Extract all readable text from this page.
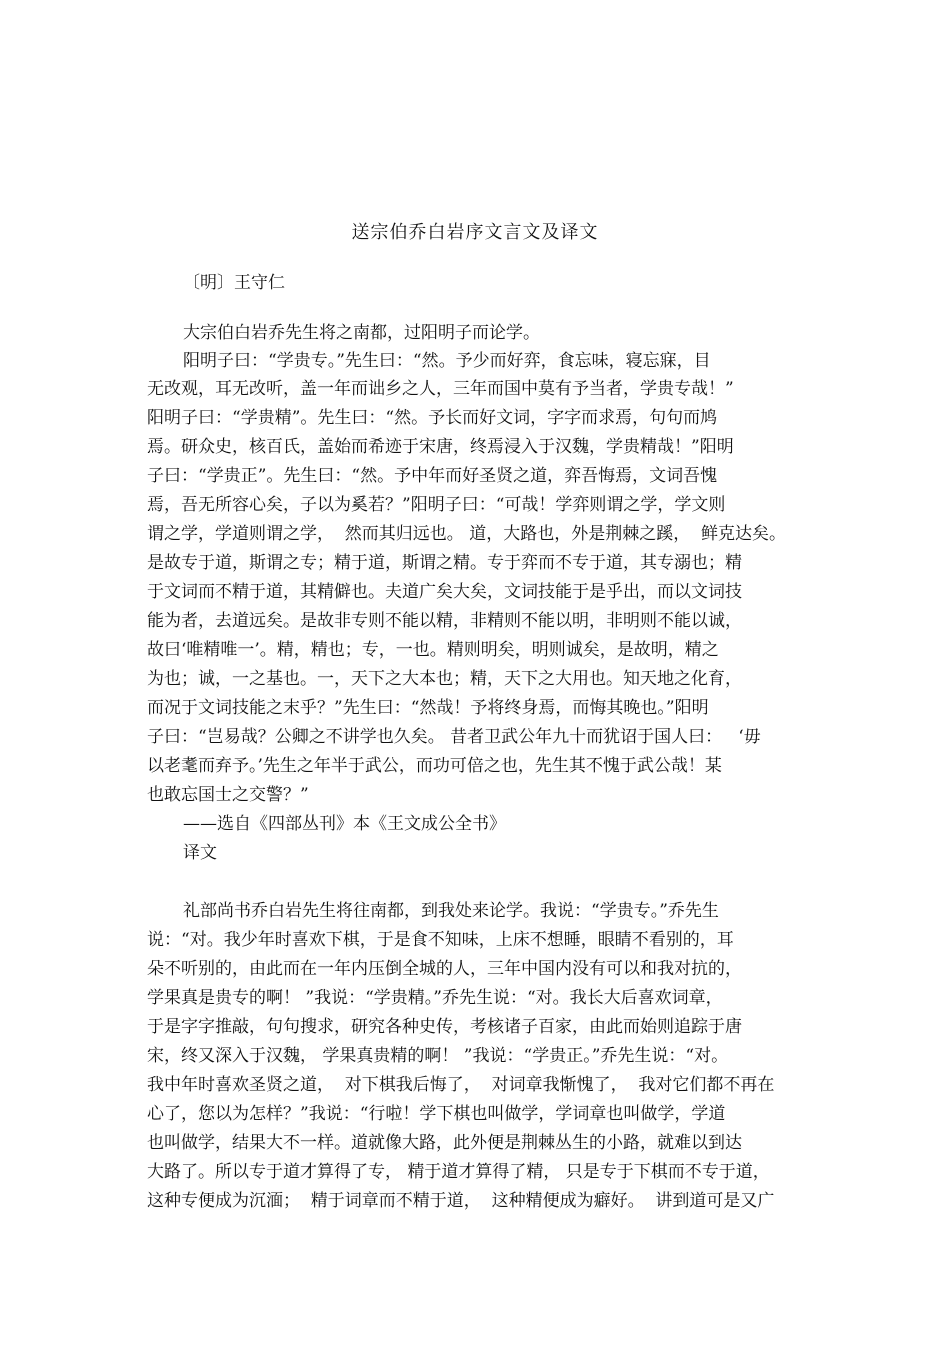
送宗伯乔白岩序文言文及译文
〔明〕王守仁
大宗伯白岩乔先生将之南都，过阳明子而论学。
阳明子曰：“学贵专。”先生曰：“然。予少而好弈，食忘味，寝忘寐，目
无改观，耳无改听，盖一年而诎乡之人，三年而国中莫有予当者，学贵专哉！”
阳明子曰：“学贵精”。先生曰：“然。予长而好文词，字字而求焉，句句而鸠
焉。研众史，核百氏，盖始而希迹于宋唐，终焉浸入于汉魏，学贵精哉！”阳明
子曰：“学贵正”。先生曰：“然。予中年而好圣贤之道，弈吾悔焉，文词吾愧
焉，吾无所容心矣，子以为奚若？”阳明子曰：“可哉！学弈则谓之学，学文则
谓之学，学道则谓之学，  然而其归远也。 道，大路也，外是荆棘之蹊，  鲜克达矣。
是故专于道，斯谓之专；精于道，斯谓之精。专于弈而不专于道，其专溺也；精
于文词而不精于道，其精僻也。夫道广矣大矣，文词技能于是乎出，而以文词技
能为者，去道远矣。是故非专则不能以精，非精则不能以明，非明则不能以诚，
故曰‘唯精唯一’。精，精也；专，一也。精则明矣，明则诚矣，是故明，精之
为也；诚，一之基也。一，天下之大本也；精，天下之大用也。知天地之化育，
而况于文词技能之末乎？”先生曰：“然哉！予将终身焉，而悔其晚也。”阳明
子曰：“岂易哉？公卿之不讲学也久矣。 昔者卫武公年九十而犹诏于国人曰：   ‘毋
以老耄而弃予。’先生之年半于武公，而功可倍之也，先生其不愧于武公哉！某
也敢忘国士之交警？”
——选自《四部丛刊》本《王文成公全书》
译文
礼部尚书乔白岩先生将往南都，到我处来论学。我说：“学贵专。”乔先生
说：“对。我少年时喜欢下棋，于是食不知味，上床不想睡，眼睛不看别的，耳
朵不听别的，由此而在一年内压倒全城的人，三年中国内没有可以和我对抗的，
学果真是贵专的啊！ ”我说：“学贵精。”乔先生说：“对。我长大后喜欢词章，
于是字字推敲，句句搜求，研究各种史传，考核诸子百家，由此而始则追踪于唐
宋，终又深入于汉魏， 学果真贵精的啊！ ”我说：“学贵正。”乔先生说：“对。
我中年时喜欢圣贤之道，  对下棋我后悔了，  对词章我惭愧了，  我对它们都不再在
心了，您以为怎样？”我说：“行啦！学下棋也叫做学，学词章也叫做学，学道
也叫做学，结果大不一样。道就像大路，此外便是荆棘丛生的小路，就难以到达
大路了。所以专于道才算得了专， 精于道才算得了精， 只是专于下棋而不专于道，
这种专便成为沉湎；  精于词章而不精于道，  这种精便成为癖好。  讲到道可是又广
